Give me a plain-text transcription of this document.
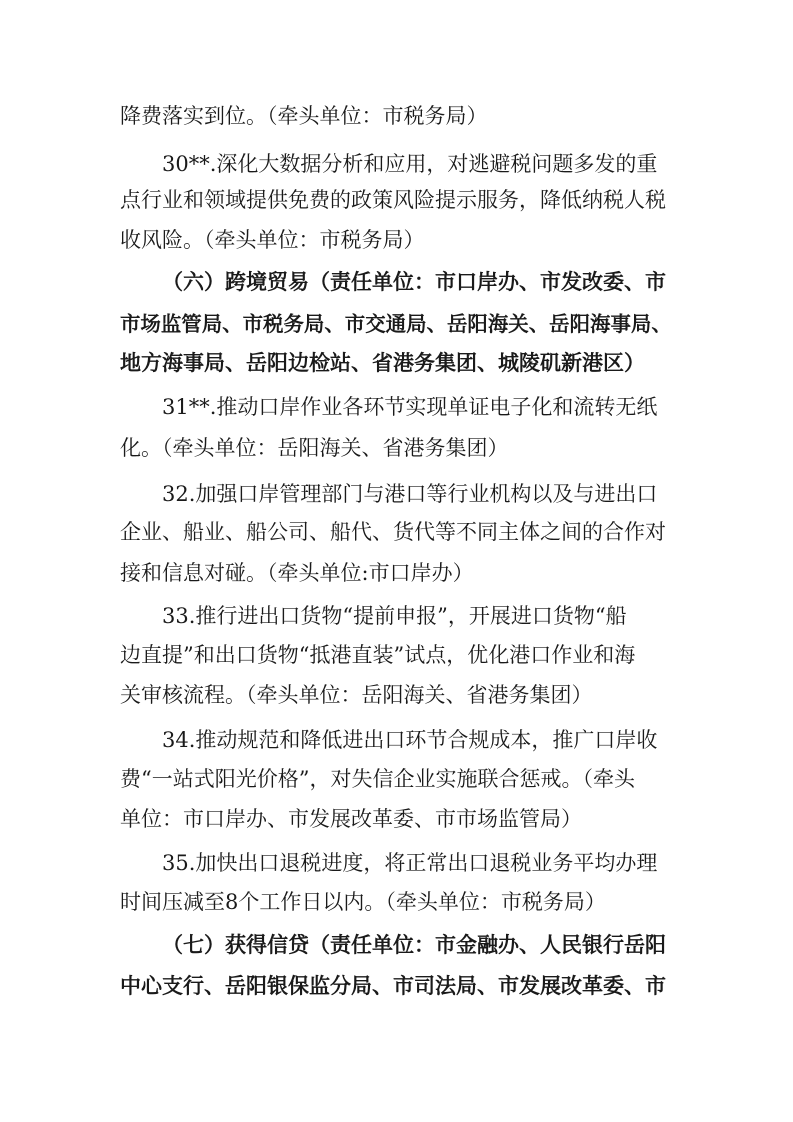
降费落实到位。（牵头单位：市税务局）
30**.深化大数据分析和应用，对逃避税问题多发的重
点行业和领域提供免费的政策风险提示服务，降低纳税人税
收风险。（牵头单位：市税务局）
（六）跨境贸易（责任单位：市口岸办、市发改委、市
市场监管局、市税务局、市交通局、岳阳海关、岳阳海事局、
地方海事局、岳阳边检站、省港务集团、城陵矶新港区）
31**.推动口岸作业各环节实现单证电子化和流转无纸
化。（牵头单位：岳阳海关、省港务集团）
32.加强口岸管理部门与港口等行业机构以及与进出口
企业、船业、船公司、船代、货代等不同主体之间的合作对
接和信息对碰。（牵头单位:市口岸办）
33.推行进出口货物“提前申报”，开展进口货物“船
边直提”和出口货物“抵港直装”试点，优化港口作业和海
关审核流程。（牵头单位：岳阳海关、省港务集团）
34.推动规范和降低进出口环节合规成本，推广口岸收
费“一站式阳光价格”，对失信企业实施联合惩戒。（牵头
单位：市口岸办、市发展改革委、市市场监管局）
35.加快出口退税进度，将正常出口退税业务平均办理
时间压减至8个工作日以内。（牵头单位：市税务局）
（七）获得信贷（责任单位：市金融办、人民银行岳阳
中心支行、岳阳银保监分局、市司法局、市发展改革委、市
